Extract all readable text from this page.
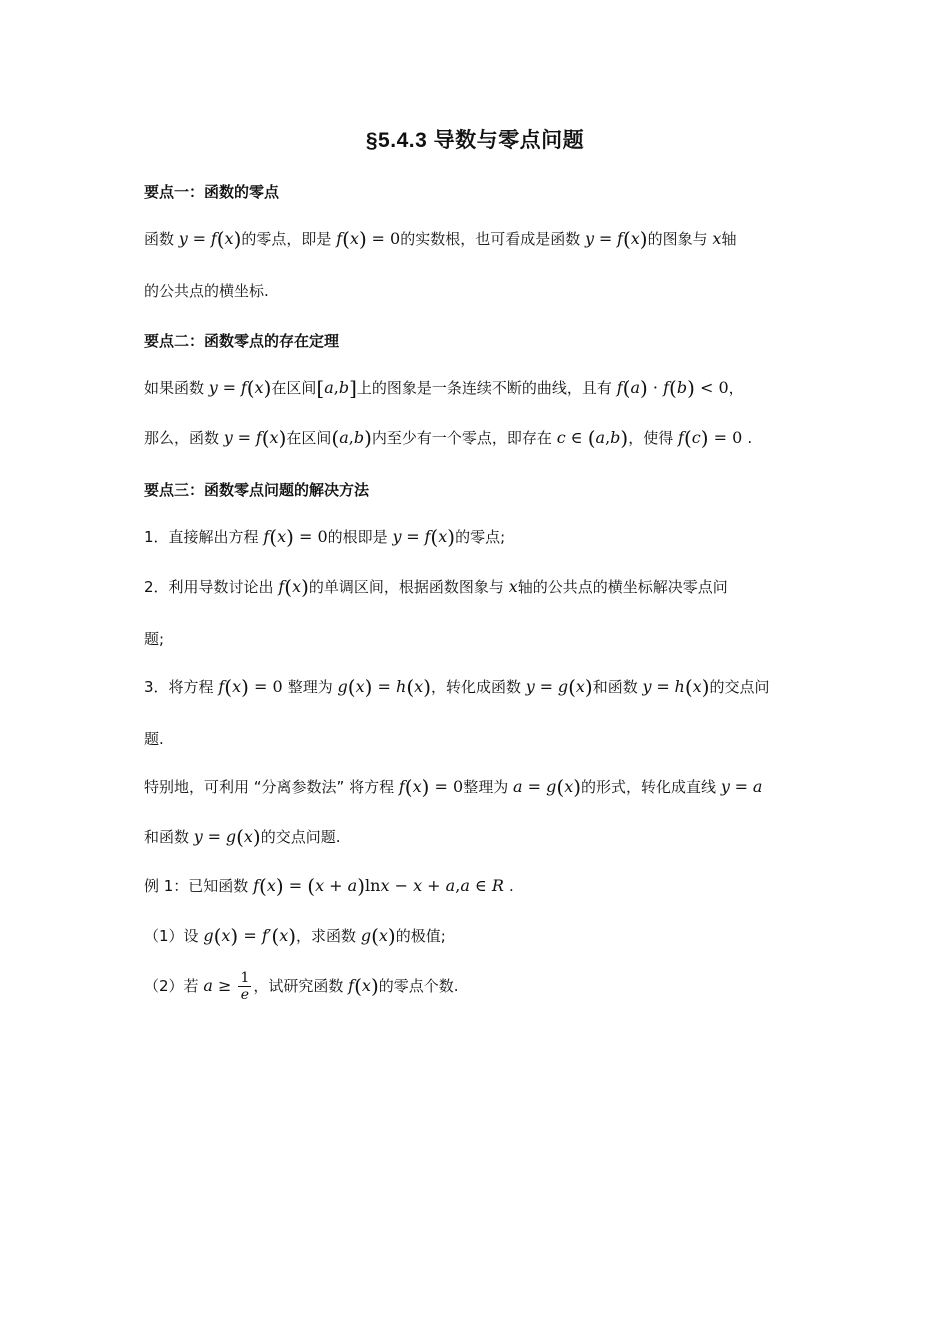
§5.4.3 导数与零点问题
要点一：函数的零点
函数 y = f(x)的零点，即是 f(x) = 0的实数根，也可看成是函数 y = f(x)的图象与 x轴
的公共点的横坐标.
要点二：函数零点的存在定理
如果函数 y = f(x)在区间[a,b]上的图象是一条连续不断的曲线，且有 f(a) · f(b) < 0，
那么，函数 y = f(x)在区间(a,b)内至少有一个零点，即存在 c ∈ (a,b)，使得 f(c) = 0 .
要点三：函数零点问题的解决方法
1．直接解出方程 f(x) = 0的根即是 y = f(x)的零点;
2．利用导数讨论出 f(x)的单调区间，根据函数图象与 x轴的公共点的横坐标解决零点问
题;
3．将方程 f(x) = 0 整理为 g(x) = h(x)，转化成函数 y = g(x)和函数 y = h(x)的交点问
题.
特别地，可利用 “分离参数法” 将方程 f(x) = 0整理为 a = g(x)的形式，转化成直线 y = a
和函数 y = g(x)的交点问题.
例 1：已知函数 f(x) = (x + a)lnx − x + a,a ∈ R .
（1）设 g(x) = f′(x)，求函数 g(x)的极值;
（2）若 $a \ge \frac{1}{e}$ ，试研究函数 f(x)的零点个数.
